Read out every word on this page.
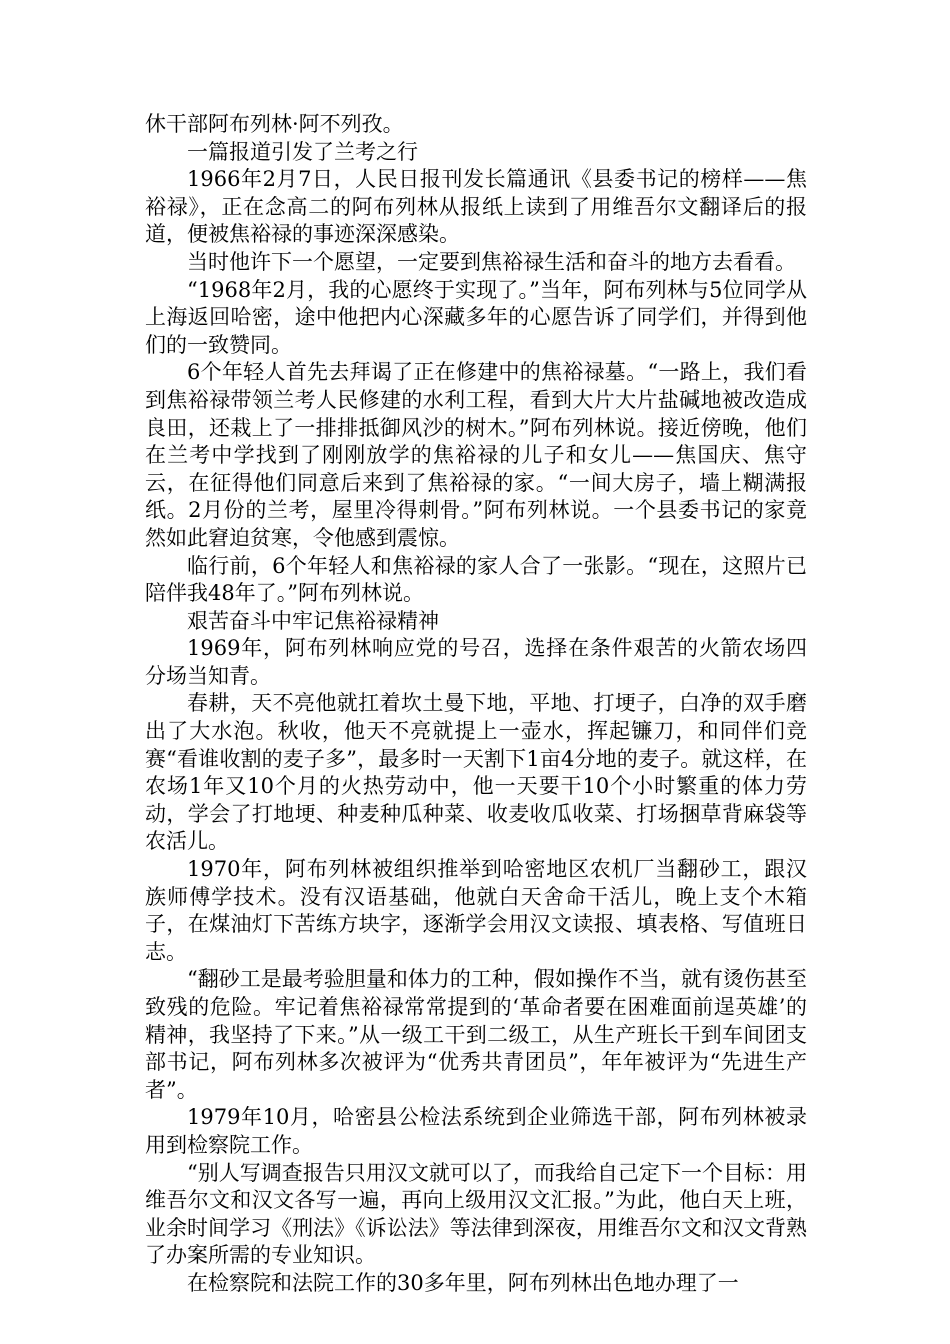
休干部阿布列林·阿不列孜。

一篇报道引发了兰考之行

1966年2月7日，人民日报刊发长篇通讯《县委书记的榜样——焦裕禄》，正在念高二的阿布列林从报纸上读到了用维吾尔文翻译后的报道，便被焦裕禄的事迹深深感染。

当时他许下一个愿望，一定要到焦裕禄生活和奋斗的地方去看看。

“1968年2月，我的心愿终于实现了。”当年，阿布列林与5位同学从上海返回哈密，途中他把内心深藏多年的心愿告诉了同学们，并得到他们的一致赞同。

6个年轻人首先去拜谒了正在修建中的焦裕禄墓。“一路上，我们看到焦裕禄带领兰考人民修建的水利工程，看到大片大片盐碱地被改造成良田，还栽上了一排排抵御风沙的树木。”阿布列林说。接近傍晚，他们在兰考中学找到了刚刚放学的焦裕禄的儿子和女儿——焦国庆、焦守云，在征得他们同意后来到了焦裕禄的家。“一间大房子，墙上糊满报纸。2月份的兰考，屋里冷得刺骨。”阿布列林说。一个县委书记的家竟然如此窘迫贫寒，令他感到震惊。

临行前，6个年轻人和焦裕禄的家人合了一张影。“现在，这照片已陪伴我48年了。”阿布列林说。

艰苦奋斗中牢记焦裕禄精神

1969年，阿布列林响应党的号召，选择在条件艰苦的火箭农场四分场当知青。

春耕，天不亮他就扛着坎土曼下地，平地、打埂子，白净的双手磨出了大水泡。秋收，他天不亮就提上一壶水，挥起镰刀，和同伴们竞赛“看谁收割的麦子多”，最多时一天割下1亩4分地的麦子。就这样，在农场1年又10个月的火热劳动中，他一天要干10个小时繁重的体力劳动，学会了打地埂、种麦种瓜种菜、收麦收瓜收菜、打场捆草背麻袋等农活儿。

1970年，阿布列林被组织推举到哈密地区农机厂当翻砂工，跟汉族师傅学技术。没有汉语基础，他就白天舍命干活儿，晚上支个木箱子，在煤油灯下苦练方块字，逐渐学会用汉文读报、填表格、写值班日志。

“翻砂工是最考验胆量和体力的工种，假如操作不当，就有烫伤甚至致残的危险。牢记着焦裕禄常常提到的‘革命者要在困难面前逞英雄’的精神，我坚持了下来。”从一级工干到二级工，从生产班长干到车间团支部书记，阿布列林多次被评为“优秀共青团员”，年年被评为“先进生产者”。

1979年10月，哈密县公检法系统到企业筛选干部，阿布列林被录用到检察院工作。

“别人写调查报告只用汉文就可以了，而我给自己定下一个目标：用维吾尔文和汉文各写一遍，再向上级用汉文汇报。”为此，他白天上班，业余时间学习《刑法》《诉讼法》等法律到深夜，用维吾尔文和汉文背熟了办案所需的专业知识。

在检察院和法院工作的30多年里，阿布列林出色地办理了一
